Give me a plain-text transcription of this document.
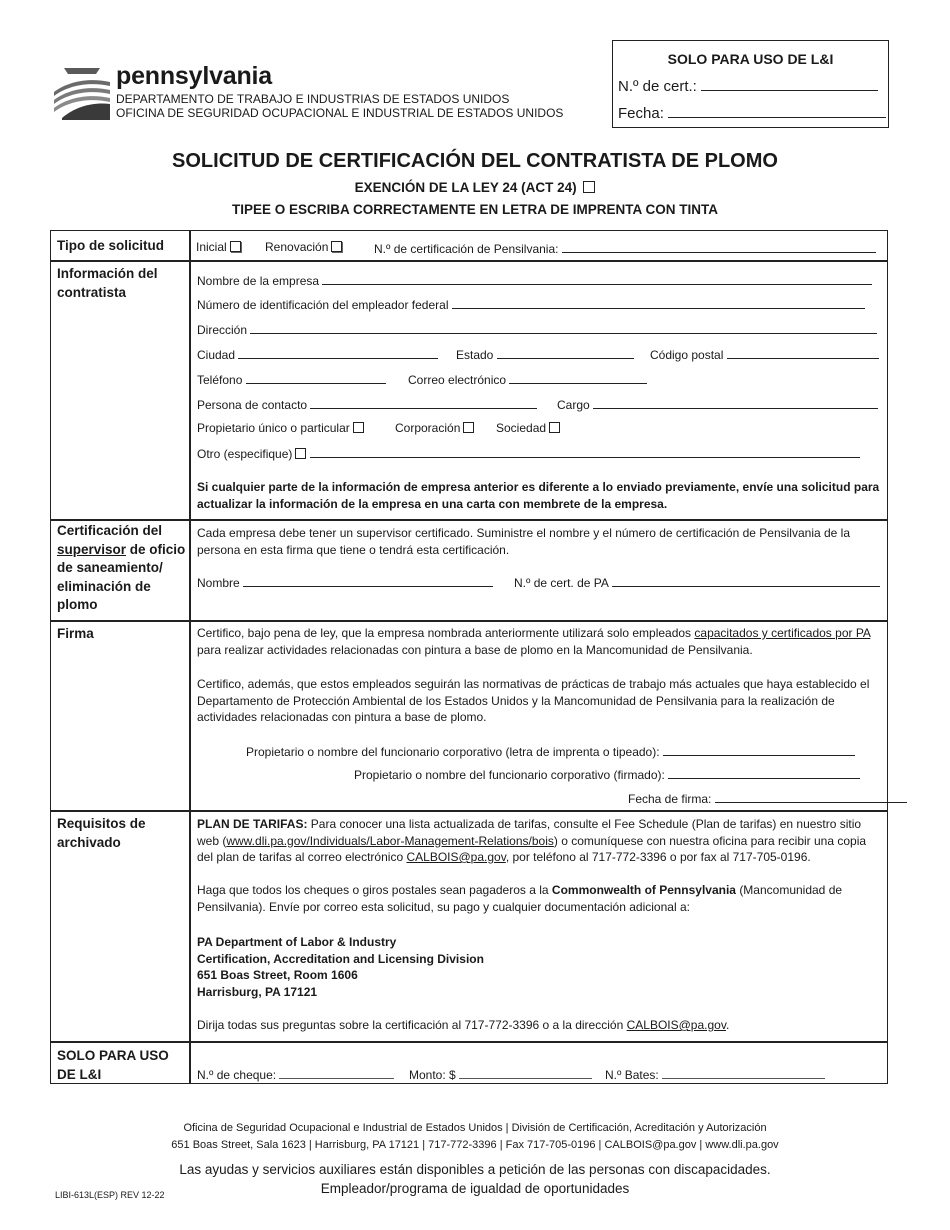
pennsylvania
DEPARTAMENTO DE TRABAJO E INDUSTRIAS DE ESTADOS UNIDOS
OFICINA DE SEGURIDAD OCUPACIONAL E INDUSTRIAL DE ESTADOS UNIDOS
SOLO PARA USO DE L&I
N.º de cert.:
Fecha:
SOLICITUD DE CERTIFICACIÓN DEL CONTRATISTA DE PLOMO
EXENCIÓN DE LA LEY 24 (ACT 24)
TIPEE O ESCRIBA CORRECTAMENTE EN LETRA DE IMPRENTA CON TINTA
Tipo de solicitud	Inicial	Renovación	N.º de certificación de Pensilvania:
Información del contratista
Nombre de la empresa
Número de identificación del empleador federal
Dirección
Ciudad	Estado	Código postal
Teléfono	Correo electrónico
Persona de contacto	Cargo
Propietario único o particular	Corporación	Sociedad
Otro (especifique)
Si cualquier parte de la información de empresa anterior es diferente a lo enviado previamente, envíe una solicitud para actualizar la información de la empresa en una carta con membrete de la empresa.
Certificación del supervisor de oficio de saneamiento/ eliminación de plomo
Cada empresa debe tener un supervisor certificado. Suministre el nombre y el número de certificación de Pensilvania de la persona en esta firma que tiene o tendrá esta certificación.
Nombre	N.º de cert. de PA
Firma	Certifico, bajo pena de ley, que la empresa nombrada anteriormente utilizará solo empleados capacitados y certificados por PA para realizar actividades relacionadas con pintura a base de plomo en la Mancomunidad de Pensilvania.
Certifico, además, que estos empleados seguirán las normativas de prácticas de trabajo más actuales que haya establecido el Departamento de Protección Ambiental de los Estados Unidos y la Mancomunidad de Pensilvania para la realización de actividades relacionadas con pintura a base de plomo.
Propietario o nombre del funcionario corporativo (letra de imprenta o tipeado):
Propietario o nombre del funcionario corporativo (firmado):
Fecha de firma:
Requisitos de archivado
PLAN DE TARIFAS: Para conocer una lista actualizada de tarifas, consulte el Fee Schedule (Plan de tarifas) en nuestro sitio web (www.dli.pa.gov/Individuals/Labor-Management-Relations/bois) o comuníquese con nuestra oficina para recibir una copia del plan de tarifas al correo electrónico CALBOIS@pa.gov, por teléfono al 717-772-3396 o por fax al 717-705-0196.
Haga que todos los cheques o giros postales sean pagaderos a la Commonwealth of Pennsylvania (Mancomunidad de Pensilvania). Envíe por correo esta solicitud, su pago y cualquier documentación adicional a:
PA Department of Labor & Industry
Certification, Accreditation and Licensing Division
651 Boas Street, Room 1606
Harrisburg, PA 17121
Dirija todas sus preguntas sobre la certificación al 717-772-3396 o a la dirección CALBOIS@pa.gov.
SOLO PARA USO DE L&I	N.º de cheque:	Monto: $	N.º Bates:
Oficina de Seguridad Ocupacional e Industrial de Estados Unidos | División de Certificación, Acreditación y Autorización
651 Boas Street, Sala 1623 | Harrisburg, PA 17121 | 717-772-3396 | Fax 717-705-0196 | CALBOIS@pa.gov | www.dli.pa.gov
Las ayudas y servicios auxiliares están disponibles a petición de las personas con discapacidades.
Empleador/programa de igualdad de oportunidades
LIBI-613L(ESP) REV 12-22
